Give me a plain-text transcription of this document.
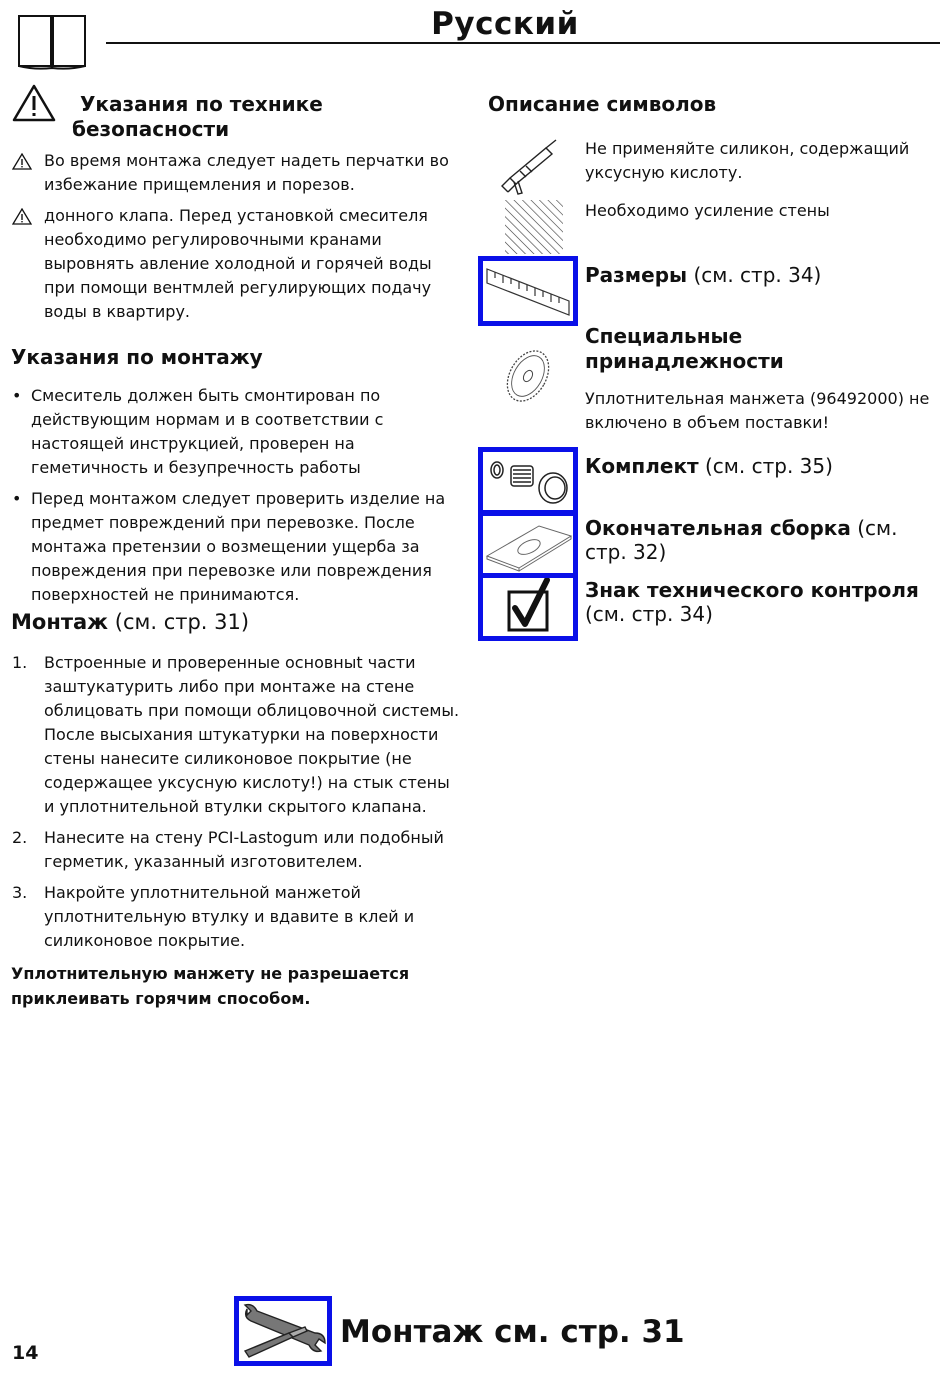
Русский
Указания по технике
безопасности
Во время монтажа следует надеть перчатки во избежание прищемления и порезов.
донного клапа. Перед установкой смесителя необходимо регулировочными кранами выровнять авление холодной и горячей воды при помощи вентмлей регулирующих подачу воды в квартиру.
Указания по монтажу
• Смеситель должен быть смонтирован по действующим нормам и в соответствии с настоящей инструкцией, проверен на геметичность и безупречность работы
• Перед монтажом следует проверить изделие на предмет повреждений при перевозке. После монтажа претензии о возмещении ущерба за повреждения при перевозке или повреждения поверхностей не принимаются.
Монтаж (см. стр. 31)
1. Встроенные и проверенные основныt части заштукатурить либо при монтаже на стене облицовать при помощи облицовочной системы. После высыхания штукатурки на поверхности стены нанесите силиконовое покрытие (не содержащее уксусную кислоту!) на стык стены и уплотнительной втулки скрытого клапана.
2. Нанесите на стену PCI-Lastogum или подобный герметик, указанный изготовителем.
3. Накройте уплотнительной манжетой уплотнительную втулку и вдавите в клей и силиконовое покрытие.
Уплотнительную манжету не разрешается приклеивать горячим способом.
Описание символов
Не применяйте силикон, содержащий уксусную кислоту.
Необходимо усиление стены
Размеры (см. стр. 34)
Специальные
принадлежности
Уплотнительная манжета (96492000) не включено в объем поставки!
Комплект (см. стр. 35)
Окончательная сборка (см. стр. 32)
Знак технического контроля
(см. стр. 34)
14
Монтаж см. стр. 31
